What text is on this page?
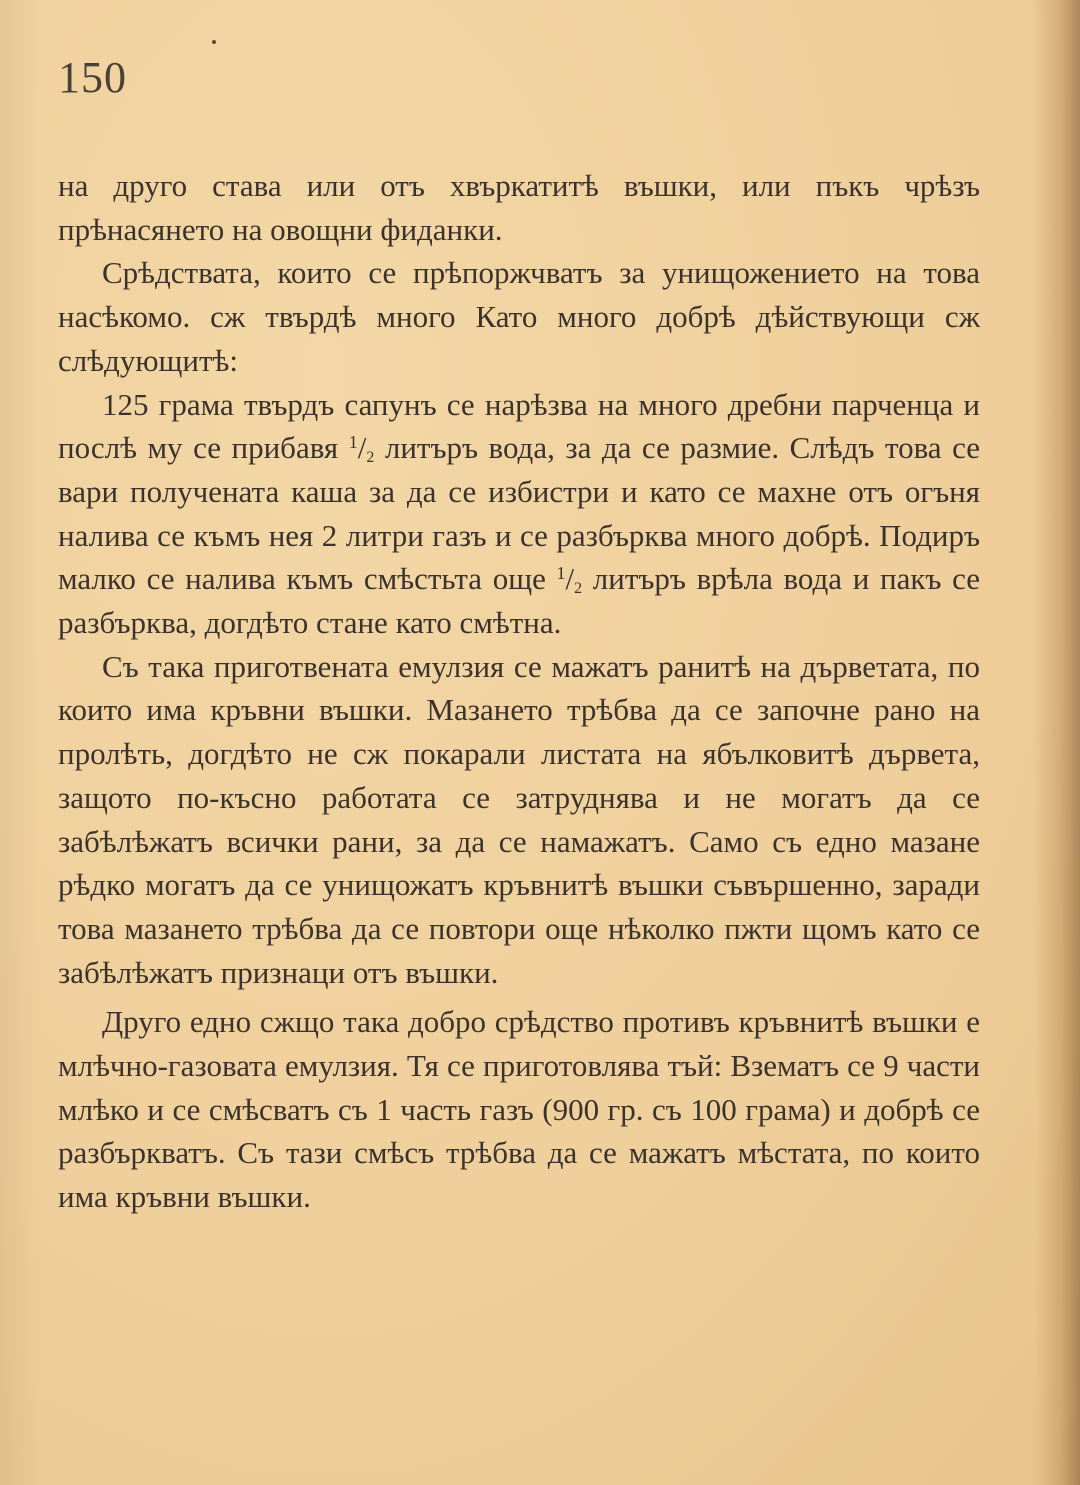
150

на друго става или отъ хвъркатитѣ въшки, или пъкъ чрѣзъ прѣнасянето на овощни фиданки.

Срѣдствата, които се прѣпоржчватъ за унищожението на това насѣкомо. сж твърдѣ много Като много добрѣ дѣйствующи сж слѣдующитѣ:

125 грама твърдъ сапунъ се нарѣзва на много дребни парченца и послѣ му се прибавя $^1/_2$ литъръ вода, за да се размие. Слѣдъ това се вари получената каша за да се избистри и като се махне отъ огъня налива се къмъ нея 2 литри газъ и се разбърква много добрѣ. Подиръ малко се налива къмъ смѣстьта още $^1/_2$ литъръ врѣла вода и пакъ се разбърква, догдѣто стане като смѣтна.

Съ така приготвената емулзия се мажатъ ранитѣ на дърветата, по които има кръвни въшки. Мазането трѣбва да се започне рано на пролѣть, догдѣто не сж покарали листата на ябълковитѣ дървета, защото по-късно работата се затруднява и не могатъ да се забѣлѣжатъ всички рани, за да се намажатъ. Само съ едно мазане рѣдко могатъ да се унищожатъ кръвнитѣ въшки съвършенно, заради това мазането трѣбва да се повтори още нѣколко пжти щомъ като се забѣлѣжатъ признаци отъ въшки.

Друго едно сжщо така добро срѣдство противъ кръвнитѣ въшки е млѣчно-газовата емулзия. Тя се приготовлява тъй: Взематъ се 9 части млѣко и се смѣсватъ съ 1 часть газъ (900 гр. съ 100 грама) и добрѣ се разбъркватъ. Съ тази смѣсъ трѣбва да се мажатъ мѣстата, по които има кръвни въшки.
